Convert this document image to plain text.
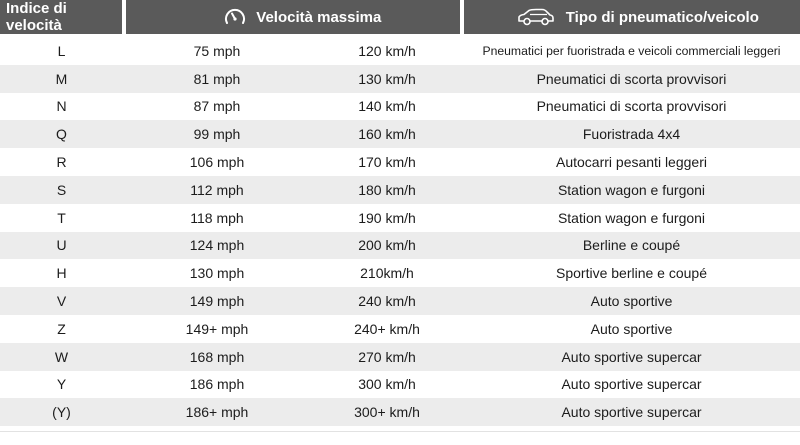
Indice di velocità	Velocità massima	Tipo di pneumatico/veicolo
L	75 mph	120 km/h	Pneumatici per fuoristrada e veicoli commerciali leggeri
M	81 mph	130 km/h	Pneumatici di scorta provvisori
N	87 mph	140 km/h	Pneumatici di scorta provvisori
Q	99 mph	160 km/h	Fuoristrada 4x4
R	106 mph	170 km/h	Autocarri pesanti leggeri
S	112 mph	180 km/h	Station wagon e furgoni
T	118 mph	190 km/h	Station wagon e furgoni
U	124 mph	200 km/h	Berline e coupé
H	130 mph	210km/h	Sportive berline e coupé
V	149 mph	240 km/h	Auto sportive
Z	149+ mph	240+ km/h	Auto sportive
W	168 mph	270 km/h	Auto sportive supercar
Y	186 mph	300 km/h	Auto sportive supercar
(Y)	186+ mph	300+ km/h	Auto sportive supercar
